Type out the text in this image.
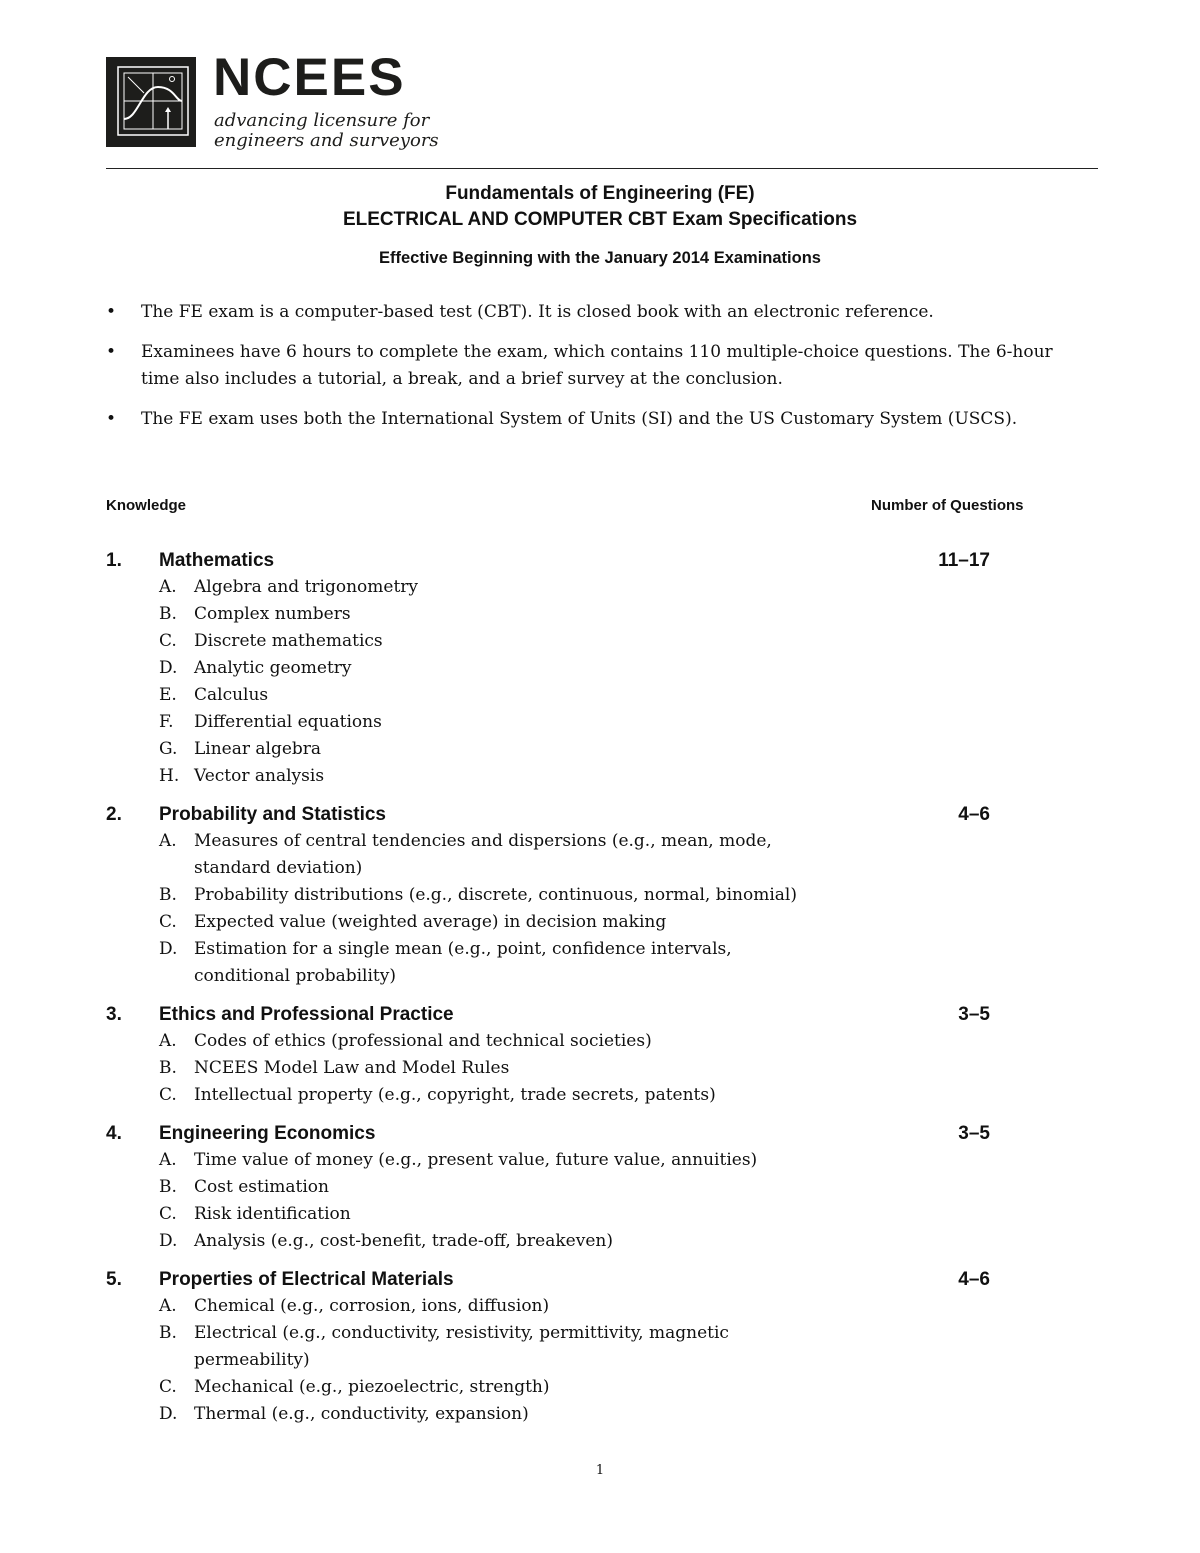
NCEES
advancing licensure for
engineers and surveyors
Fundamentals of Engineering (FE)
ELECTRICAL AND COMPUTER CBT Exam Specifications
Effective Beginning with the January 2014 Examinations
• The FE exam is a computer-based test (CBT). It is closed book with an electronic reference.
• Examinees have 6 hours to complete the exam, which contains 110 multiple-choice questions. The 6-hour time also includes a tutorial, a break, and a brief survey at the conclusion.
• The FE exam uses both the International System of Units (SI) and the US Customary System (USCS).
Knowledge	Number of Questions
1. Mathematics	11–17
A. Algebra and trigonometry
B. Complex numbers
C. Discrete mathematics
D. Analytic geometry
E. Calculus
F. Differential equations
G. Linear algebra
H. Vector analysis
2. Probability and Statistics	4–6
A. Measures of central tendencies and dispersions (e.g., mean, mode, standard deviation)
B. Probability distributions (e.g., discrete, continuous, normal, binomial)
C. Expected value (weighted average) in decision making
D. Estimation for a single mean (e.g., point, confidence intervals, conditional probability)
3. Ethics and Professional Practice	3–5
A. Codes of ethics (professional and technical societies)
B. NCEES Model Law and Model Rules
C. Intellectual property (e.g., copyright, trade secrets, patents)
4. Engineering Economics	3–5
A. Time value of money (e.g., present value, future value, annuities)
B. Cost estimation
C. Risk identification
D. Analysis (e.g., cost-benefit, trade-off, breakeven)
5. Properties of Electrical Materials	4–6
A. Chemical (e.g., corrosion, ions, diffusion)
B. Electrical (e.g., conductivity, resistivity, permittivity, magnetic permeability)
C. Mechanical (e.g., piezoelectric, strength)
D. Thermal (e.g., conductivity, expansion)
1
